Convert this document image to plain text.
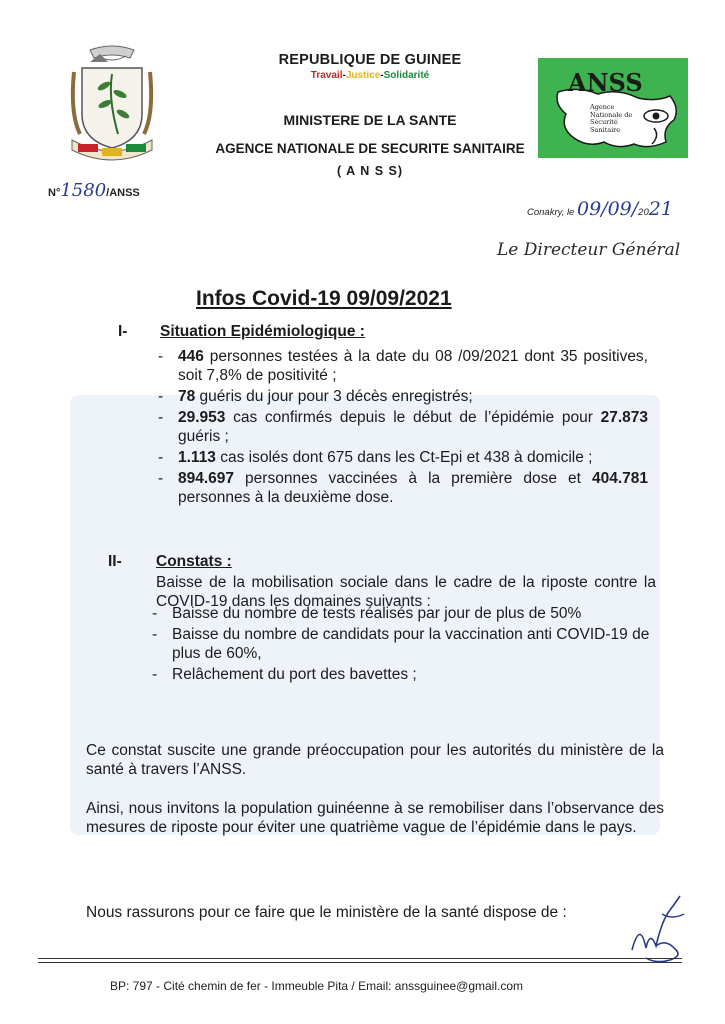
N°1580/ANSS
REPUBLIQUE DE GUINEE
Travail-Justice-Solidarité
MINISTERE DE LA SANTE
AGENCE NATIONALE DE SECURITE SANITAIRE
( A N S S)
ANSS
Agence Nationale de Sécurité Sanitaire
Conakry, le 09/09/2021
Le Directeur Général
Infos Covid-19 09/09/2021
I- Situation Epidémiologique :
- 446 personnes testées à la date du 08 /09/2021 dont 35 positives, soit 7,8% de positivité ;
- 78 guéris du jour pour 3 décès enregistrés;
- 29.953 cas confirmés depuis le début de l’épidémie pour 27.873 guéris ;
- 1.113 cas isolés dont 675 dans les Ct-Epi et 438 à domicile ;
- 894.697 personnes vaccinées à la première dose et 404.781 personnes à la deuxième dose.
II- Constats :
Baisse de la mobilisation sociale dans le cadre de la riposte contre la COVID-19 dans les domaines suivants :
- Baisse du nombre de tests réalisés par jour de plus de 50%
- Baisse du nombre de candidats pour la vaccination anti COVID-19 de plus de 60%,
- Relâchement du port des bavettes ;
Ce constat suscite une grande préoccupation pour les autorités du ministère de la santé à travers l’ANSS.
Ainsi, nous invitons la population guinéenne à se remobiliser dans l’observance des mesures de riposte pour éviter une quatrième vague de l’épidémie dans le pays.
Nous rassurons pour ce faire que le ministère de la santé dispose de :
BP: 797 - Cité chemin de fer - Immeuble Pita / Email: anssguinee@gmail.com
